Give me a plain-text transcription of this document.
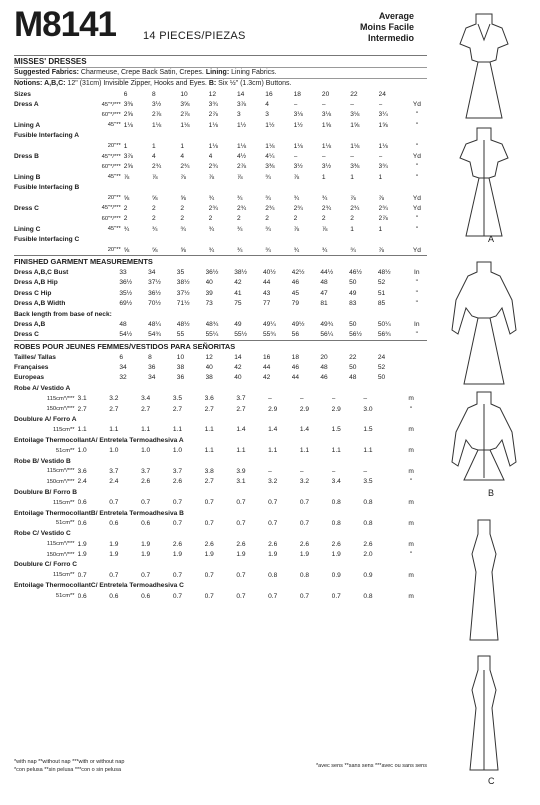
M8141 14 PIECES/PIEZAS
Average
Moins Facile
Intermedio
MISSES' DRESSES
Suggested Fabrics: Charmeuse, Crepe Back Satin, Crepes. Lining: Lining Fabrics.
Notions: A,B,C: 12" (31cm) Invisible Zipper, Hooks and Eyes. B: Six ½" (1.3cm) Buttons.
Sizes		6	8	10	12	14	16	18	20	22	24	
Dress A	45"*/***	3⅜	3½	3⅝	3¾	3⅞	4	–	–	–	–	Yd
	60"*/***	2⅝	2⅞	2⅞	2⅞	3	3	3⅛	3⅛	3⅛	3¼	"
Lining A	45"**	1⅛	1⅛	1⅛	1⅛	1½	1½	1½	1⅝	1⅝	1⅝	"
Fusible Interfacing A												
	20"**	1	1	1	1⅛	1⅛	1⅛	1⅛	1⅛	1⅛	1⅛	"
Dress B	45"*/***	3⅞	4	4	4	4½	4¼	–	–	–	–	Yd
	60"*/***	2⅝	2¾	2¾	2¾	2⅞	3⅜	3½	3½	3⅜	3¾	"
Lining B	45"**	⅞	⅞	⅞	⅞	⅞	¾	⅞	1	1	1	"
Fusible Interfacing B												
	20"**	⅝	⅝	⅝	¾	¾	¾	¾	¾	⅞	⅞	Yd
Dress C	45"*/***	2	2	2	2¾	2¾	2¾	2¾	2¾	2¾	2¾	Yd
	60"*/***	2	2	2	2	2	2	2	2	2	2⅞	"
Lining C	45"**	¾	¾	¾	¾	¾	¾	⅞	⅞	1	1	"
Fusible Interfacing C												
	20"**	⅝	⅝	⅝	¾	¾	¾	¾	¾	¾	⅞	Yd
FINISHED GARMENT MEASUREMENTS
Dress A,B,C Bust	33	34	35	36½	38½	40½	42½	44½	46½	48½	In
Dress A,B Hip	36½	37½	38½	40	42	44	46	48	50	52	"
Dress C Hip	35½	36½	37½	39	41	43	45	47	49	51	"
Dress A,B Width	69½	70½	71½	73	75	77	79	81	83	85	"
Back length from base of neck:											
Dress A,B	48	48¼	48½	48¾	49	49¼	49½	49¾	50	50¼	In
Dress C	54½	54¾	55	55¼	55½	55¾	56	56¼	56½	56¾	"
ROBES POUR JEUNES FEMMES/VESTIDOS PARA SEÑORITAS
Tailles/ Tallas	6	8	10	12	14	16	18	20	22	24	
Françaises	34	36	38	40	42	44	46	48	50	52	
Europeas	32	34	36	38	40	42	44	46	48	50	
Robe A/ Vestido A												
	115cm*/***	3.1	3.2	3.4	3.5	3.6	3.7	–	–	–	–	m
	150cm*/***	2.7	2.7	2.7	2.7	2.7	2.7	2.9	2.9	2.9	3.0	"
Doublure A/ Forro A												
	115cm**	1.1	1.1	1.1	1.1	1.1	1.4	1.4	1.4	1.5	1.5	m
Entoilage ThermocollantA/ Entretela Termoadhesiva A												
	51cm**	1.0	1.0	1.0	1.0	1.1	1.1	1.1	1.1	1.1	1.1	m
Robe B/ Vestido B												
	115cm*/***	3.6	3.7	3.7	3.7	3.8	3.9	–	–	–	–	m
	150cm*/***	2.4	2.4	2.6	2.6	2.7	3.1	3.2	3.2	3.4	3.5	"
Doublure B/ Forro B												
	115cm**	0.6	0.7	0.7	0.7	0.7	0.7	0.7	0.7	0.8	0.8	m
Entoilage ThermocollantB/ Entretela Termoadhesiva B												
	51cm**	0.6	0.6	0.6	0.7	0.7	0.7	0.7	0.7	0.8	0.8	m
Robe C/ Vestido C												
	115cm*/***	1.9	1.9	1.9	2.6	2.6	2.6	2.6	2.6	2.6	2.6	m
	150cm*/***	1.9	1.9	1.9	1.9	1.9	1.9	1.9	1.9	1.9	2.0	"
Doublure C/ Forro C												
	115cm**	0.7	0.7	0.7	0.7	0.7	0.7	0.8	0.8	0.9	0.9	m
Entoilage ThermocollantC/ Entretela Termoadhesiva C												
	51cm**	0.6	0.6	0.6	0.7	0.7	0.7	0.7	0.7	0.7	0.8	m
*with nap **without nap ***with or without nap
*con pelusa **sin pelusa ***con o sin pelusa
*avec sens **sans sens ***avec ou sans sens
A
B
C
